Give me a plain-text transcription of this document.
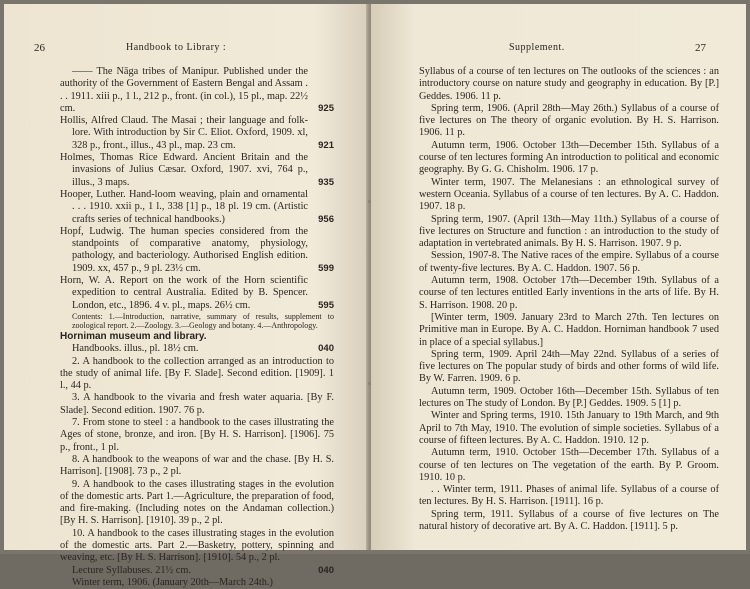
26	Handbook to Library :

—— The Nāga tribes of Manipur. Published under the authority of the Government of Eastern Bengal and Assam . . . 1911. xiii p., 1 l., 212 p., front. (in col.), 15 pl., map. 22½ cm.	925

Hollis, Alfred Claud. The Masai ; their language and folk-lore. With introduction by Sir C. Eliot. Oxford, 1909. xl, 328 p., front., illus., 43 pl., map. 23 cm.	921

Holmes, Thomas Rice Edward. Ancient Britain and the invasions of Julius Cæsar. Oxford, 1907. xvi, 764 p., illus., 3 maps.	935

Hooper, Luther. Hand-loom weaving, plain and ornamental . . . 1910. xxii p., 1 l., 338 [1] p., 18 pl. 19 cm. (Artistic crafts series of technical handbooks.)	956

Hopf, Ludwig. The human species considered from the standpoints of comparative anatomy, physiology, pathology, and bacteriology. Authorised English edition. 1909. xx, 457 p., 9 pl. 23½ cm.	599

Horn, W. A. Report on the work of the Horn scientific expedition to central Australia. Edited by B. Spencer. London, etc., 1896. 4 v. pl., maps. 26½ cm.	595

Contents: 1.—Introduction, narrative, summary of results, supplement to zoological report. 2.—Zoology. 3.—Geology and botany. 4.—Anthropology.

Horniman museum and library.
Handbooks. illus., pl. 18½ cm.	040

2. A handbook to the collection arranged as an introduction to the study of animal life. [By F. Slade]. Second edition. [1909]. 1 l., 44 p.

3. A handbook to the vivaria and fresh water aquaria. [By F. Slade]. Second edition. 1907. 76 p.

7. From stone to steel : a handbook to the cases illustrating the Ages of stone, bronze, and iron. [By H. S. Harrison]. [1906]. 75 p., front., 1 pl.

8. A handbook to the weapons of war and the chase. [By H. S. Harrison]. [1908]. 73 p., 2 pl.

9. A handbook to the cases illustrating stages in the evolution of the domestic arts. Part 1.—Agriculture, the preparation of food, and fire-making. (Including notes on the Andaman collection.) [By H. S. Harrison]. [1910]. 39 p., 2 pl.

10. A handbook to the cases illustrating stages in the evolution of the domestic arts. Part 2.—Basketry, pottery, spinning and weaving, etc. [By H. S. Harrison]. [1910]. 54 p., 2 pl.

Lecture Syllabuses. 21½ cm.	040

Winter term, 1906. (January 20th—March 24th.)

Supplement.	27

Syllabus of a course of ten lectures on The outlooks of the sciences : an introductory course on nature study and geography in education. By [P.] Geddes. 1906. 11 p.

Spring term, 1906. (April 28th—May 26th.) Syllabus of a course of five lectures on The theory of organic evolution. By H. S. Harrison. 1906. 11 p.

Autumn term, 1906. October 13th—December 15th. Syllabus of a course of ten lectures forming An introduction to political and economic geography. By G. G. Chisholm. 1906. 17 p.

Winter term, 1907. The Melanesians : an ethnological survey of western Oceania. Syllabus of a course of ten lectures. By A. C. Haddon. 1907. 18 p.

Spring term, 1907. (April 13th—May 11th.) Syllabus of a course of five lectures on Structure and function : an introduction to the study of adaptation in vertebrated animals. By H. S. Harrison. 1907. 9 p.

Session, 1907-8. The Native races of the empire. Syllabus of a course of twenty-five lectures. By A. C. Haddon. 1907. 56 p.

Autumn term, 1908. October 17th—December 19th. Syllabus of a course of ten lectures entitled Early inventions in the arts of life. By H. S. Harrison. 1908. 20 p.

[Winter term, 1909. January 23rd to March 27th. Ten lectures on Primitive man in Europe. By A. C. Haddon. Horniman handbook 7 used in place of a special syllabus.]

Spring term, 1909. April 24th—May 22nd. Syllabus of a series of five lectures on The popular study of birds and other forms of wild life. By W. Farren. 1909. 6 p.

Autumn term, 1909. October 16th—December 15th. Syllabus of ten lectures on The study of London. By [P.] Geddes. 1909. 5 [1] p.

Winter and Spring terms, 1910. 15th January to 19th March, and 9th April to 7th May, 1910. The evolution of simple societies. Syllabus of a course of fifteen lectures. By A. C. Haddon. 1910. 12 p.

Autumn term, 1910. October 15th—December 17th. Syllabus of a course of ten lectures on The vegetation of the earth. By P. Groom. 1910. 10 p.

. . Winter term, 1911. Phases of animal life. Syllabus of a course of ten lectures. By H. S. Harrison. [1911]. 16 p.

Spring term, 1911. Syllabus of a course of five lectures on The natural history of decorative art. By A. C. Haddon. [1911]. 5 p.
